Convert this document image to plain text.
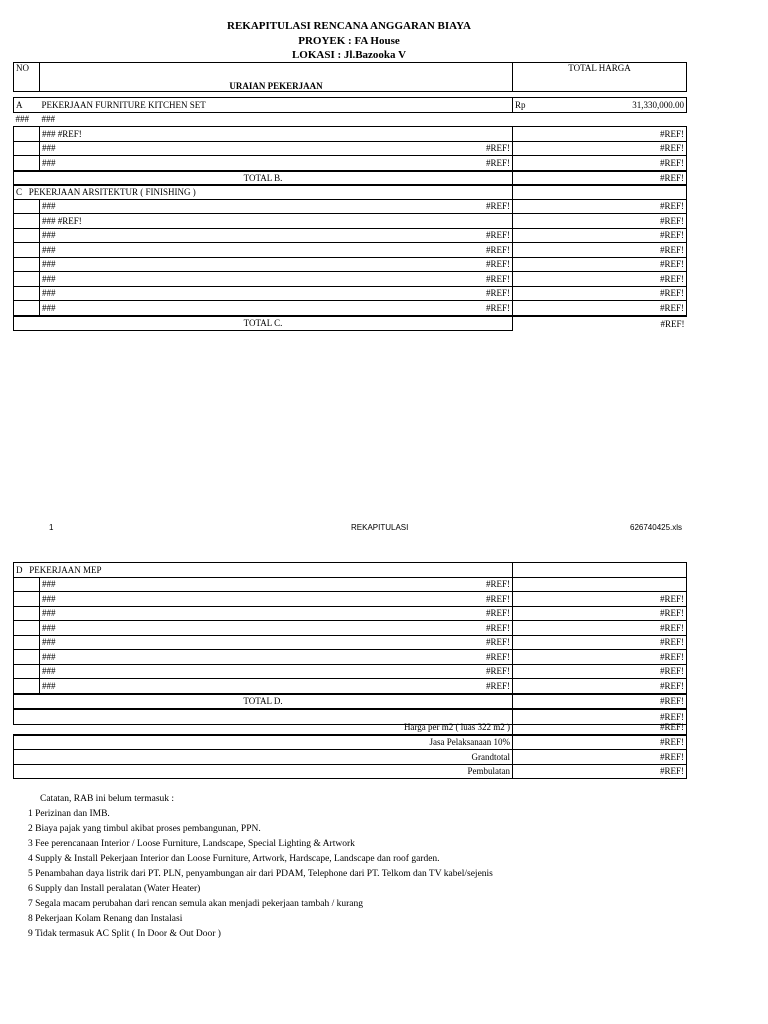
REKAPITULASI RENCANA ANGGARAN BIAYA
PROYEK : FA House
LOKASI : Jl.Bazooka V
NO	URAIAN PEKERJAAN	TOTAL HARGA
A	PEKERJAAN FURNITURE KITCHEN SET	Rp 31,330,000.00

###	###	
	### #REF!	#REF!
	### #REF!	#REF!
	### #REF!	#REF!
TOTAL B.		#REF!
C PEKERJAAN ARSITEKTUR ( FINISHING )		
	### #REF!	#REF!
	### #REF!	#REF!
	### #REF!	#REF!
	### #REF!	#REF!
	### #REF!	#REF!
	### #REF!	#REF!
	### #REF!	#REF!
	### #REF!	#REF!
TOTAL C.		#REF!
1	REKAPITULASI	626740425.xls
D PEKERJAAN MEP		
	### #REF!	

	### #REF!	#REF!
	### #REF!	#REF!
	### #REF!	#REF!
	### #REF!	#REF!
	### #REF!	#REF!
	### #REF!	#REF!
	### #REF!	#REF!
TOTAL D.		#REF!
		#REF!
	Harga per m2 ( luas 322 m2 )	#REF!
Jasa Pelaksanaan 10%		#REF!
Grandtotal		#REF!
Pembulatan		#REF!
Catatan, RAB ini belum termasuk :
1 Perizinan dan IMB.
2 Biaya pajak yang timbul akibat proses pembangunan, PPN.
3 Fee perencanaan Interior / Loose Furniture, Landscape, Special Lighting & Artwork
4 Supply & Install Pekerjaan Interior dan Loose Furniture, Artwork, Hardscape, Landscape dan roof garden.
5 Penambahan daya listrik dari PT. PLN, penyambungan air dari PDAM, Telephone dari PT. Telkom dan TV kabel/sejenis
6 Supply dan Install peralatan (Water Heater)
7 Segala macam perubahan dari rencan semula akan menjadi pekerjaan tambah / kurang
8 Pekerjaan Kolam Renang dan Instalasi
9 Tidak termasuk AC Split ( In Door & Out Door )
